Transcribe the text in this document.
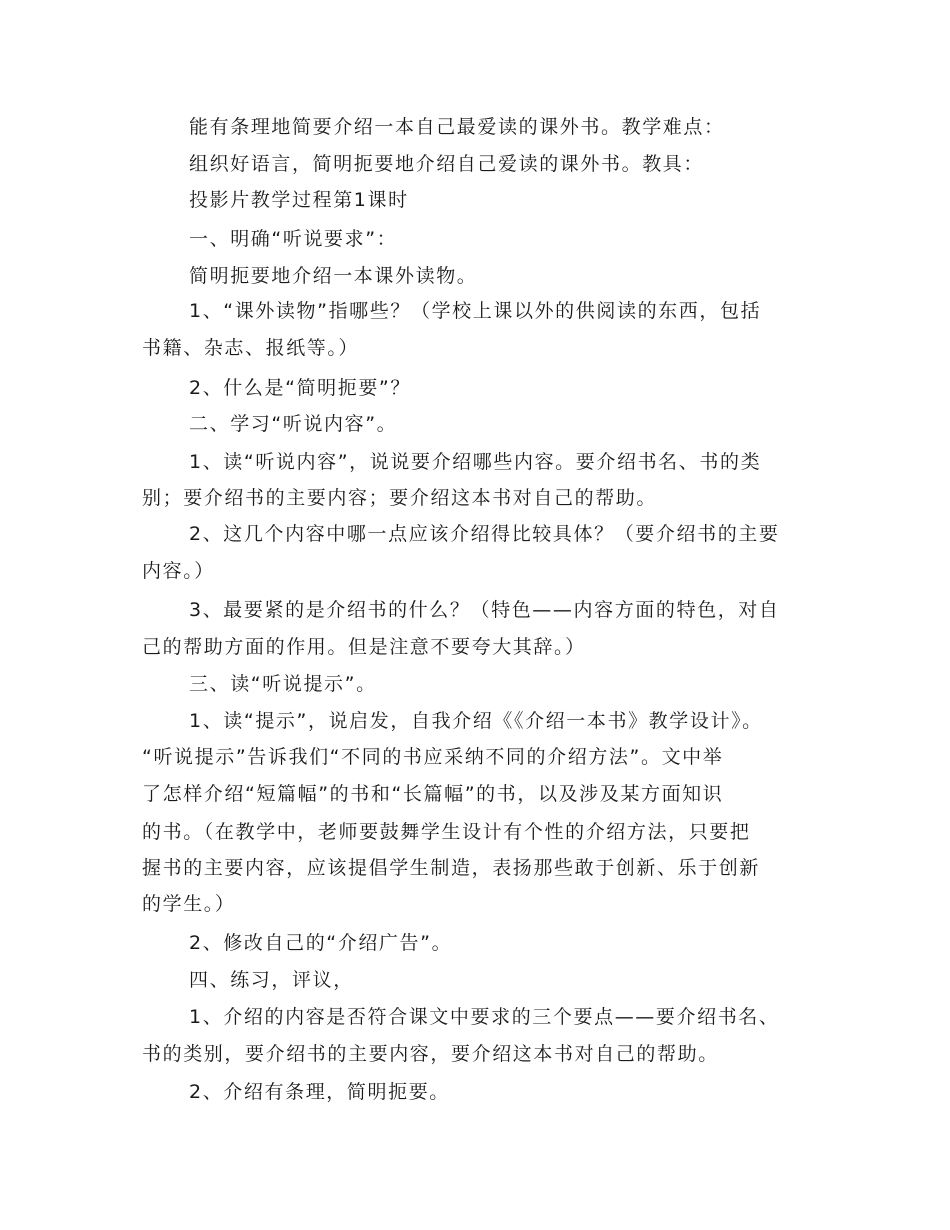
能有条理地简要介绍一本自己最爱读的课外书。教学难点：
组织好语言，简明扼要地介绍自己爱读的课外书。教具：
投影片教学过程第1课时
一、明确“听说要求”：
简明扼要地介绍一本课外读物。
1、“课外读物”指哪些？（学校上课以外的供阅读的东西，包括
书籍、杂志、报纸等。）
2、什么是“简明扼要”？
二、学习“听说内容”。
1、读“听说内容”，说说要介绍哪些内容。要介绍书名、书的类
别；要介绍书的主要内容；要介绍这本书对自己的帮助。
2、这几个内容中哪一点应该介绍得比较具体？（要介绍书的主要
内容。）
3、最要紧的是介绍书的什么？（特色——内容方面的特色，对自
己的帮助方面的作用。但是注意不要夸大其辞。）
三、读“听说提示”。
1、读“提示”，说启发，自我介绍《《介绍一本书》教学设计》。
“听说提示”告诉我们“不同的书应采纳不同的介绍方法”。文中举
了怎样介绍“短篇幅”的书和“长篇幅”的书，以及涉及某方面知识
的书。（在教学中，老师要鼓舞学生设计有个性的介绍方法，只要把
握书的主要内容，应该提倡学生制造，表扬那些敢于创新、乐于创新
的学生。）
2、修改自己的“介绍广告”。
四、练习，评议，
1、介绍的内容是否符合课文中要求的三个要点——要介绍书名、
书的类别，要介绍书的主要内容，要介绍这本书对自己的帮助。
2、介绍有条理，简明扼要。
